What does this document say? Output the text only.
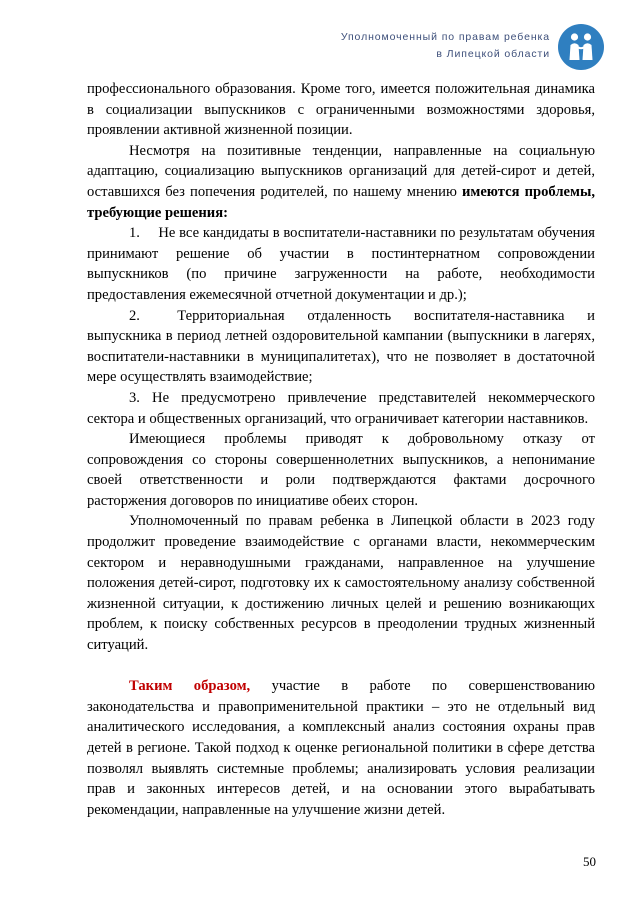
Уполномоченный по правам ребенка
в Липецкой области

профессионального образования. Кроме того, имеется положительная динамика в социализации выпускников с ограниченными возможностями здоровья, проявлении активной жизненной позиции.

Несмотря на позитивные тенденции, направленные на социальную адаптацию, социализацию выпускников организаций для детей-сирот и детей, оставшихся без попечения родителей, по нашему мнению имеются проблемы, требующие решения:

1.  Не все кандидаты в воспитатели-наставники по результатам обучения принимают решение об участии в постинтернатном сопровождении выпускников (по причине загруженности на работе, необходимости предоставления ежемесячной отчетной документации и др.);

2. 	Территориальная отдаленность воспитателя-наставника и выпускника в период летней оздоровительной кампании (выпускники в лагерях, воспитатели-наставники в муниципалитетах), что не позволяет в достаточной мере осуществлять взаимодействие;

3. Не предусмотрено привлечение представителей некоммерческого сектора и общественных организаций, что ограничивает категории наставников.

Имеющиеся проблемы приводят к добровольному отказу от сопровождения со стороны совершеннолетних выпускников, а непонимание своей ответственности и роли подтверждаются фактами досрочного расторжения договоров по инициативе обеих сторон.

Уполномоченный по правам ребенка в Липецкой области в 2023 году продолжит проведение взаимодействие с органами власти, некоммерческим сектором и неравнодушными гражданами, направленное на улучшение положения детей-сирот, подготовку их к самостоятельному анализу собственной жизненной ситуации, к достижению личных целей и решению возникающих проблем, к поиску собственных ресурсов в преодолении трудных жизненный ситуаций.

Таким образом, участие в работе по совершенствованию законодательства и правоприменительной практики – это не отдельный вид аналитического исследования, а комплексный анализ состояния охраны прав детей в регионе. Такой подход к оценке региональной политики в сфере детства позволял выявлять системные проблемы; анализировать условия реализации прав и законных интересов детей, и на основании этого вырабатывать рекомендации, направленные на улучшение жизни детей.

50
